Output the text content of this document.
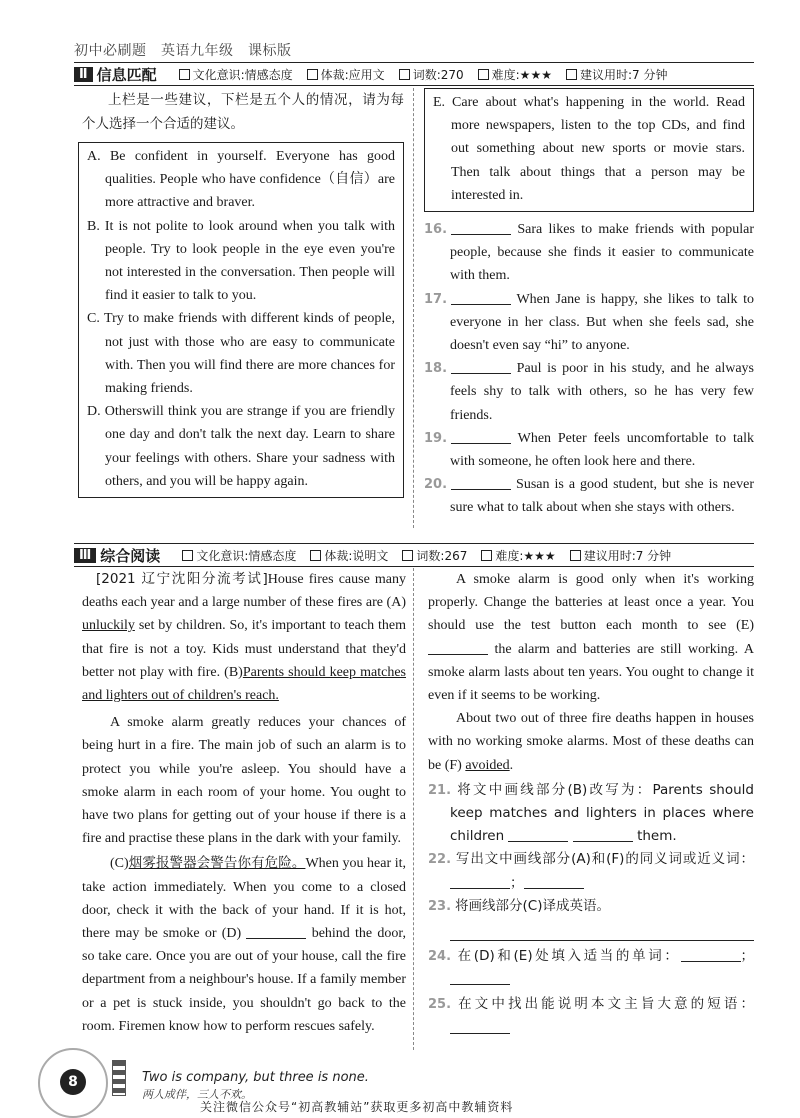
初中必刷题　英语九年级　课标版
Ⅱ 信息匹配	文化意识:情感态度	体裁:应用文	词数:270	难度:★★★	建议用时:7 分钟

上栏是一些建议，下栏是五个人的情况，请为每个人选择一个合适的建议。

A. Be confident in yourself. Everyone has good qualities. People who have confidence（自信）are more attractive and braver.

B. It is not polite to look around when you talk with people. Try to look people in the eye even you're not interested in the conversation. Then people will find it easier to talk to you.

C. Try to make friends with different kinds of people, not just with those who are easy to communicate with. Then you will find there are more chances for making friends.

D. Otherswill think you are strange if you are friendly one day and don't talk the next day. Learn to share your feelings with others. Share your sadness with others, and you will be happy again.

E. Care about what's happening in the world. Read more newspapers, listen to the top CDs, and find out something about new sports or movie stars. Then talk about things that a person may be interested in.

16.	Sara likes to make friends with popular people, because she finds it easier to communicate with them.

17.	When Jane is happy, she likes to talk to everyone in her class. But when she feels sad, she doesn't even say “hi” to anyone.

18.	Paul is poor in his study, and he always feels shy to talk with others, so he has very few friends.

19.	When Peter feels uncomfortable to talk with someone, he often look here and there.

20.	Susan is a good student, but she is never sure what to talk about when she stays with others.

Ⅲ 综合阅读	文化意识:情感态度	体裁:说明文	词数:267	难度:★★★	建议用时:7 分钟

[2021 辽宁沈阳分流考试]House fires cause many deaths each year and a large number of these fires are (A) unluckily set by children. So, it's important to teach them that fire is not a toy. Kids must understand that they'd better not play with fire. (B)Parents should keep matches and lighters out of children's reach.

A smoke alarm greatly reduces your chances of being hurt in a fire. The main job of such an alarm is to protect you while you're asleep. You should have a smoke alarm in each room of your home. You ought to have two plans for getting out of your house if there is a fire and practise these plans in the dark with your family.

(C)烟雾报警器会警告你有危险。When you hear it, take action immediately. When you come to a closed door, check it with the back of your hand. If it is hot, there may be smoke or (D)	behind the door, so take care. Once you are out of your house, call the fire department from a neighbour's house. If a family member or a pet is stuck inside, you shouldn't go back to the room. Firemen know how to perform rescues safely.

A smoke alarm is good only when it's working properly. Change the batteries at least once a year. You should use the test button each month to see (E)  the alarm and batteries are still working. A smoke alarm lasts about ten years. You ought to change it even if it seems to be working.

About two out of three fire deaths happen in houses with no working smoke alarms. Most of these deaths can be (F) avoided.

21. 将文中画线部分(B)改写为：Parents should keep matches and lighters in places where children	them.

22. 写出文中画线部分(A)和(F)的同义词或近义词： ；

23. 将画线部分(C)译成英语。

24. 在(D)和(E)处填入适当的单词：	；

25. 在文中找出能说明本文主旨大意的短语：

8	Two is company, but three is none.
两人成伴，三人不欢。
关注微信公众号“初高教辅站”获取更多初高中教辅资料
